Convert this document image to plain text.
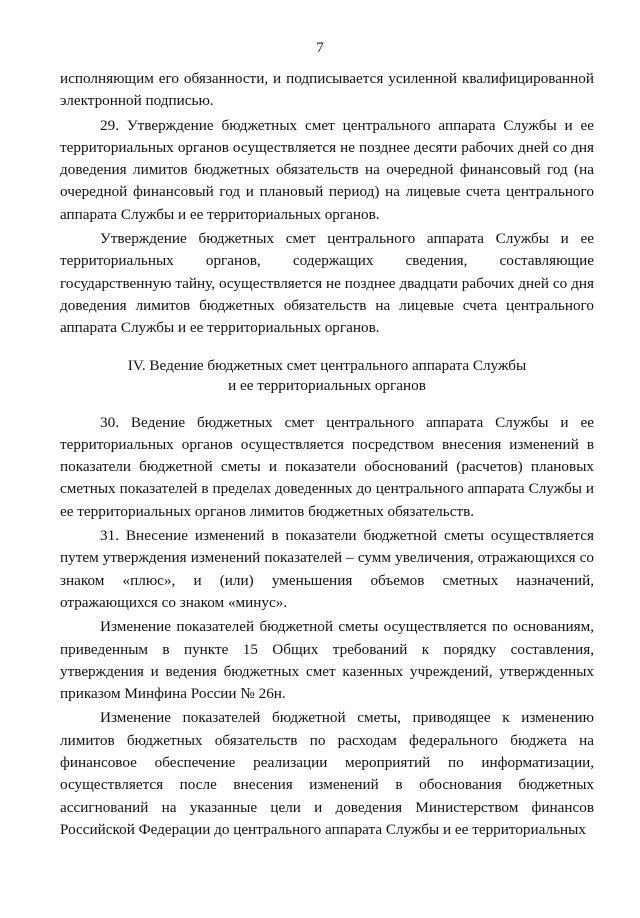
7

исполняющим его обязанности, и подписывается усиленной квалифицированной электронной подписью.

29. Утверждение бюджетных смет центрального аппарата Службы и ее территориальных органов осуществляется не позднее десяти рабочих дней со дня доведения лимитов бюджетных обязательств на очередной финансовый год (на очередной финансовый год и плановый период) на лицевые счета центрального аппарата Службы и ее территориальных органов.

Утверждение бюджетных смет центрального аппарата Службы и ее территориальных органов, содержащих сведения, составляющие государственную тайну, осуществляется не позднее двадцати рабочих дней со дня доведения лимитов бюджетных обязательств на лицевые счета центрального аппарата Службы и ее территориальных органов.

IV. Ведение бюджетных смет центрального аппарата Службы
и ее территориальных органов

30. Ведение бюджетных смет центрального аппарата Службы и ее территориальных органов осуществляется посредством внесения изменений в показатели бюджетной сметы и показатели обоснований (расчетов) плановых сметных показателей в пределах доведенных до центрального аппарата Службы и ее территориальных органов лимитов бюджетных обязательств.

31. Внесение изменений в показатели бюджетной сметы осуществляется путем утверждения изменений показателей – сумм увеличения, отражающихся со знаком «плюс», и (или) уменьшения объемов сметных назначений, отражающихся со знаком «минус».

Изменение показателей бюджетной сметы осуществляется по основаниям, приведенным в пункте 15 Общих требований к порядку составления, утверждения и ведения бюджетных смет казенных учреждений, утвержденных приказом Минфина России № 26н.

Изменение показателей бюджетной сметы, приводящее к изменению лимитов бюджетных обязательств по расходам федерального бюджета на финансовое обеспечение реализации мероприятий по информатизации, осуществляется после внесения изменений в обоснования бюджетных ассигнований на указанные цели и доведения Министерством финансов Российской Федерации до центрального аппарата Службы и ее территориальных
